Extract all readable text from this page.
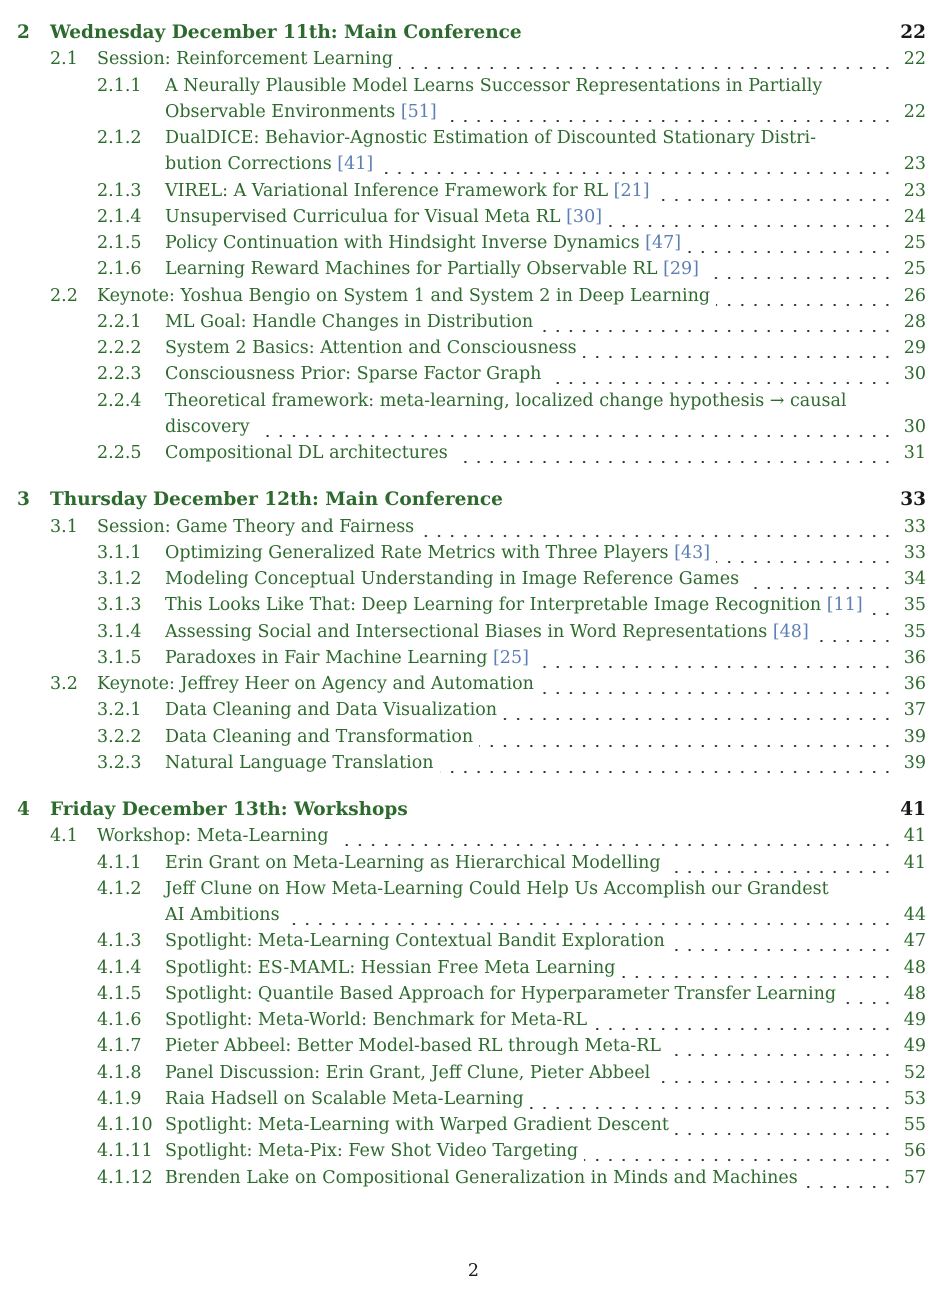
2 Wednesday December 11th: Main Conference	22
2.1 Session: Reinforcement Learning	22
2.1.1 A Neurally Plausible Model Learns Successor Representations in Partially
Observable Environments [51]	22
2.1.2 DualDICE: Behavior-Agnostic Estimation of Discounted Stationary Distri-
bution Corrections [41]	23
2.1.3 VIREL: A Variational Inference Framework for RL [21]	23
2.1.4 Unsupervised Curriculua for Visual Meta RL [30]	24
2.1.5 Policy Continuation with Hindsight Inverse Dynamics [47]	25
2.1.6 Learning Reward Machines for Partially Observable RL [29]	25
2.2 Keynote: Yoshua Bengio on System 1 and System 2 in Deep Learning	26
2.2.1 ML Goal: Handle Changes in Distribution	28
2.2.2 System 2 Basics: Attention and Consciousness	29
2.2.3 Consciousness Prior: Sparse Factor Graph	30
2.2.4 Theoretical framework: meta-learning, localized change hypothesis → causal
discovery	30
2.2.5 Compositional DL architectures	31
3 Thursday December 12th: Main Conference	33
3.1 Session: Game Theory and Fairness	33
3.1.1 Optimizing Generalized Rate Metrics with Three Players [43]	33
3.1.2 Modeling Conceptual Understanding in Image Reference Games	34
3.1.3 This Looks Like That: Deep Learning for Interpretable Image Recognition [11] 35
3.1.4 Assessing Social and Intersectional Biases in Word Representations [48]	35
3.1.5 Paradoxes in Fair Machine Learning [25]	36
3.2 Keynote: Jeffrey Heer on Agency and Automation	36
3.2.1 Data Cleaning and Data Visualization	37
3.2.2 Data Cleaning and Transformation	39
3.2.3 Natural Language Translation	39
4 Friday December 13th: Workshops	41
4.1 Workshop: Meta-Learning	41
4.1.1 Erin Grant on Meta-Learning as Hierarchical Modelling	41
4.1.2 Jeff Clune on How Meta-Learning Could Help Us Accomplish our Grandest
AI Ambitions	44
4.1.3 Spotlight: Meta-Learning Contextual Bandit Exploration	47
4.1.4 Spotlight: ES-MAML: Hessian Free Meta Learning	48
4.1.5 Spotlight: Quantile Based Approach for Hyperparameter Transfer Learning	48
4.1.6 Spotlight: Meta-World: Benchmark for Meta-RL	49
4.1.7 Pieter Abbeel: Better Model-based RL through Meta-RL	49
4.1.8 Panel Discussion: Erin Grant, Jeff Clune, Pieter Abbeel	52
4.1.9 Raia Hadsell on Scalable Meta-Learning	53
4.1.10 Spotlight: Meta-Learning with Warped Gradient Descent	55
4.1.11 Spotlight: Meta-Pix: Few Shot Video Targeting	56
4.1.12 Brenden Lake on Compositional Generalization in Minds and Machines	57
2
